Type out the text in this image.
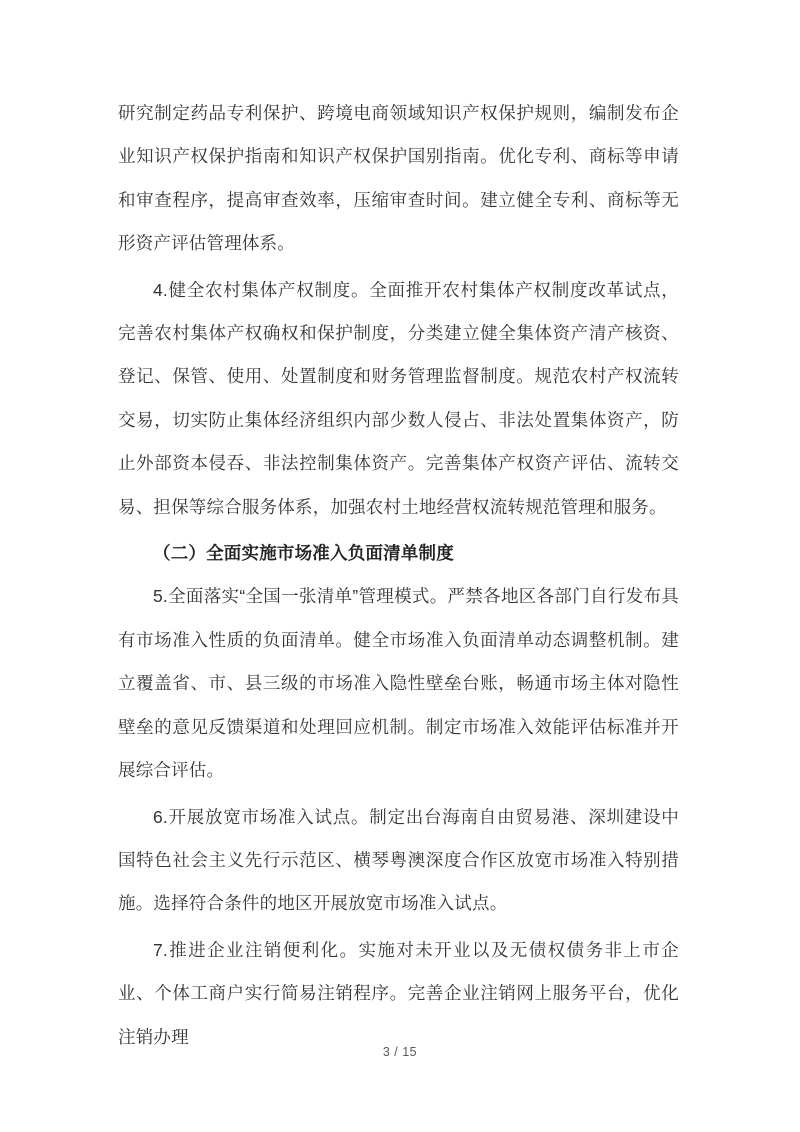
研究制定药品专利保护、跨境电商领域知识产权保护规则，编制发布企业知识产权保护指南和知识产权保护国别指南。优化专利、商标等申请和审查程序，提高审查效率，压缩审查时间。建立健全专利、商标等无形资产评估管理体系。

4.健全农村集体产权制度。全面推开农村集体产权制度改革试点，完善农村集体产权确权和保护制度，分类建立健全集体资产清产核资、登记、保管、使用、处置制度和财务管理监督制度。规范农村产权流转交易，切实防止集体经济组织内部少数人侵占、非法处置集体资产，防止外部资本侵吞、非法控制集体资产。完善集体产权资产评估、流转交易、担保等综合服务体系，加强农村土地经营权流转规范管理和服务。

（二）全面实施市场准入负面清单制度

5.全面落实“全国一张清单”管理模式。严禁各地区各部门自行发布具有市场准入性质的负面清单。健全市场准入负面清单动态调整机制。建立覆盖省、市、县三级的市场准入隐性壁垒台账，畅通市场主体对隐性壁垒的意见反馈渠道和处理回应机制。制定市场准入效能评估标准并开展综合评估。

6.开展放宽市场准入试点。制定出台海南自由贸易港、深圳建设中国特色社会主义先行示范区、横琴粤澳深度合作区放宽市场准入特别措施。选择符合条件的地区开展放宽市场准入试点。

7.推进企业注销便利化。实施对未开业以及无债权债务非上市企业、个体工商户实行简易注销程序。完善企业注销网上服务平台，优化注销办理

3 / 15
